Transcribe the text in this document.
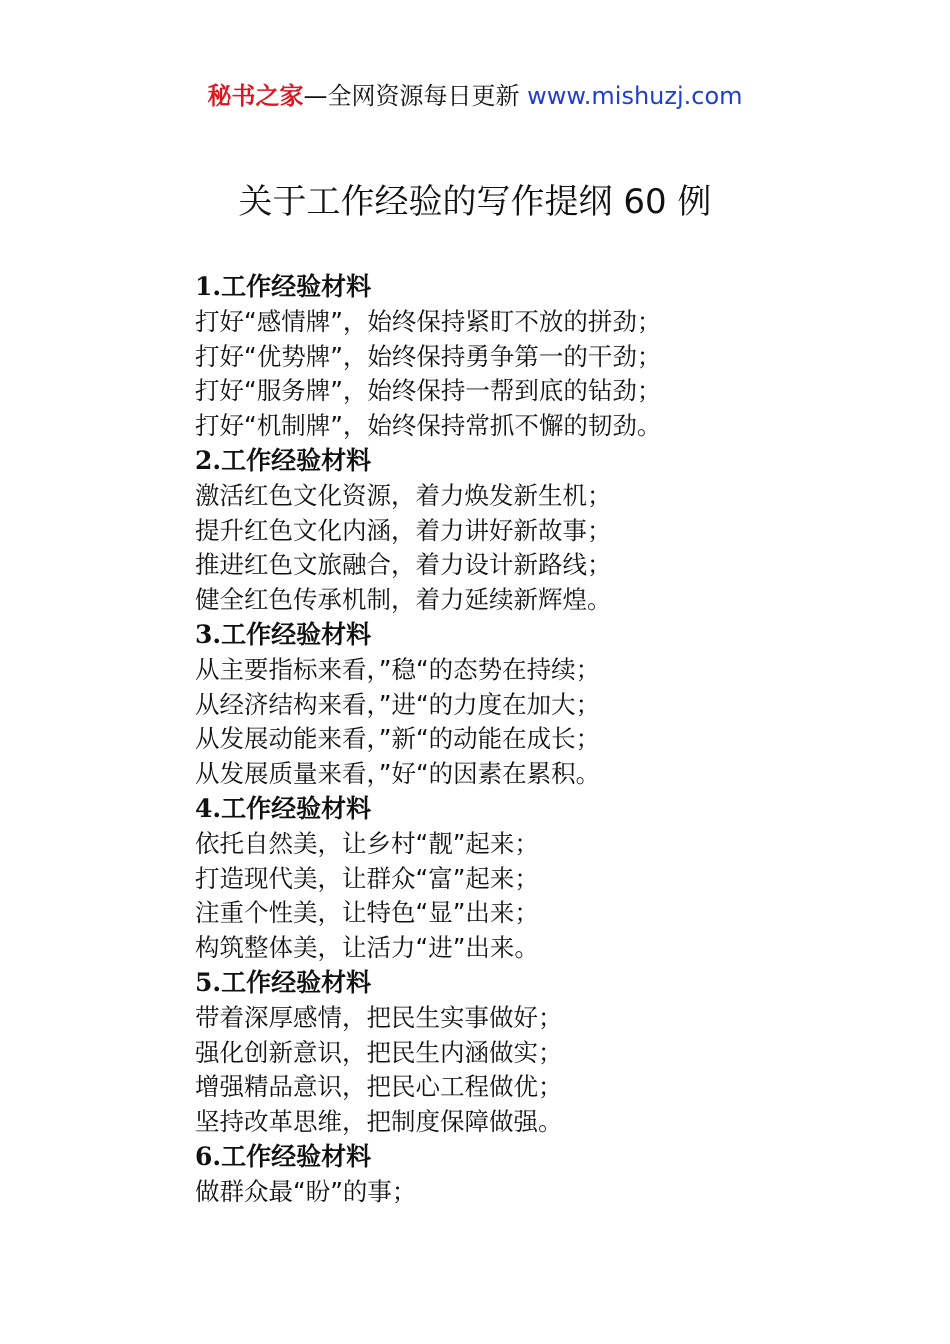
秘书之家—全网资源每日更新 www.mishuzj.com
关于工作经验的写作提纲 60 例
1.工作经验材料
打好“感情牌”，始终保持紧盯不放的拼劲；
打好“优势牌”，始终保持勇争第一的干劲；
打好“服务牌”，始终保持一帮到底的钻劲；
打好“机制牌”，始终保持常抓不懈的韧劲。
2.工作经验材料
激活红色文化资源，着力焕发新生机；
提升红色文化内涵，着力讲好新故事；
推进红色文旅融合，着力设计新路线；
健全红色传承机制，着力延续新辉煌。
3.工作经验材料
从主要指标来看，”稳“的态势在持续；
从经济结构来看，”进“的力度在加大；
从发展动能来看，”新“的动能在成长；
从发展质量来看，”好“的因素在累积。
4.工作经验材料
依托自然美，让乡村“靓”起来；
打造现代美，让群众“富”起来；
注重个性美，让特色“显”出来；
构筑整体美，让活力“进”出来。
5.工作经验材料
带着深厚感情，把民生实事做好；
强化创新意识，把民生内涵做实；
增强精品意识，把民心工程做优；
坚持改革思维，把制度保障做强。
6.工作经验材料
做群众最“盼”的事；
